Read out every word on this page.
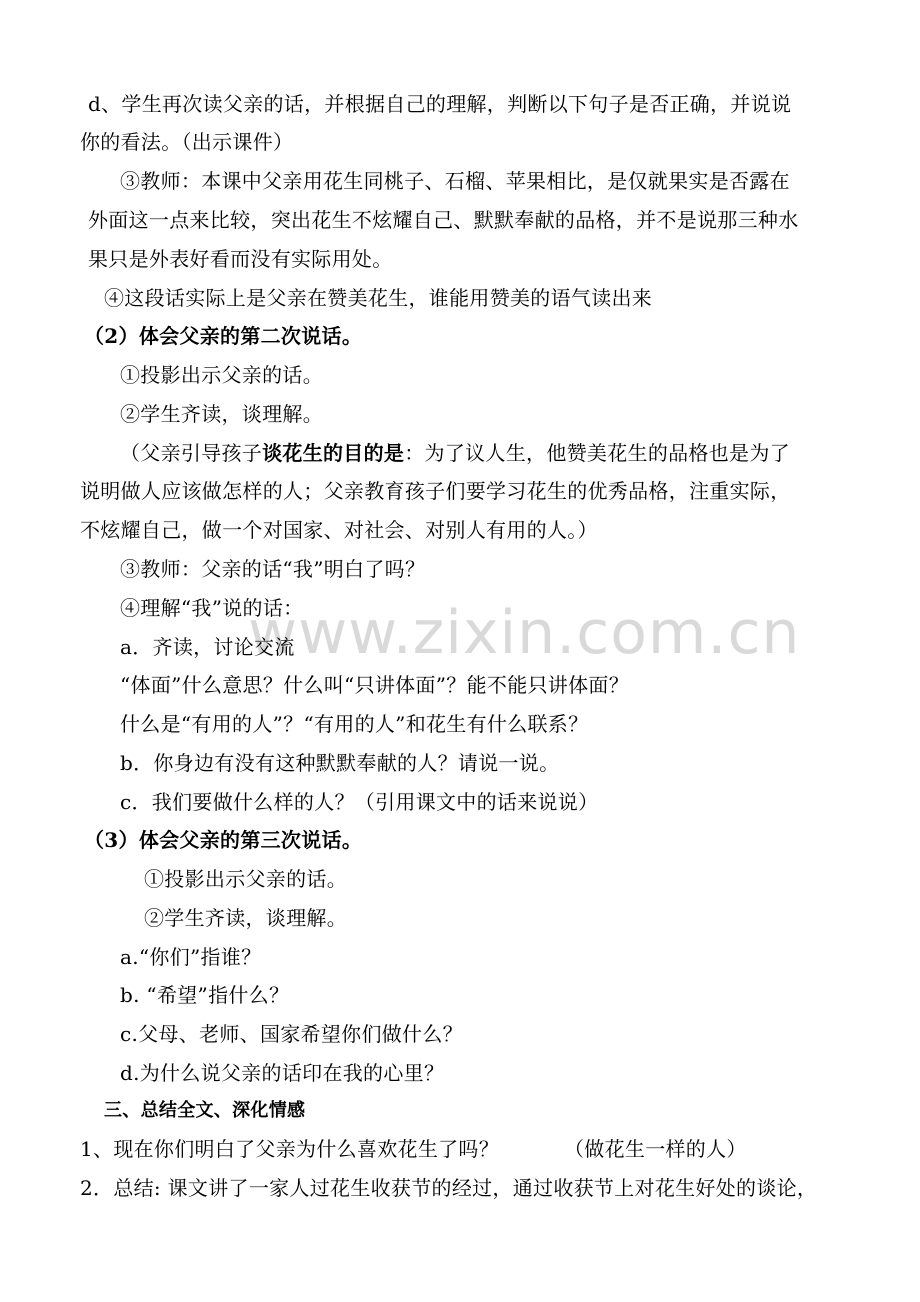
www.zixin.com.cn
d、学生再次读父亲的话，并根据自己的理解，判断以下句子是否正确，并说说
你的看法。（出示课件）
③教师：本课中父亲用花生同桃子、石榴、苹果相比，是仅就果实是否露在
外面这一点来比较，突出花生不炫耀自己、默默奉献的品格，并不是说那三种水
果只是外表好看而没有实际用处。
④这段话实际上是父亲在赞美花生，谁能用赞美的语气读出来
（2）体会父亲的第二次说话。
①投影出示父亲的话。
②学生齐读，谈理解。
（父亲引导孩子谈花生的目的是：为了议人生，他赞美花生的品格也是为了
说明做人应该做怎样的人；父亲教育孩子们要学习花生的优秀品格，注重实际，
不炫耀自己，做一个对国家、对社会、对别人有用的人。）
③教师：父亲的话“我”明白了吗？
④理解“我”说的话：
a．齐读，讨论交流
“体面”什么意思？什么叫“只讲体面”？能不能只讲体面？
什么是“有用的人”？“有用的人”和花生有什么联系？
b．你身边有没有这种默默奉献的人？请说一说。
c．我们要做什么样的人？（引用课文中的话来说说）
（3）体会父亲的第三次说话。
①投影出示父亲的话。
②学生齐读，谈理解。
a.“你们”指谁？
b. “希望”指什么？
c.父母、老师、国家希望你们做什么？
d.为什么说父亲的话印在我的心里？
三、总结全文、深化情感
1、现在你们明白了父亲为什么喜欢花生了吗？	（做花生一样的人）
2．总结: 课文讲了一家人过花生收获节的经过，通过收获节上对花生好处的谈论，
